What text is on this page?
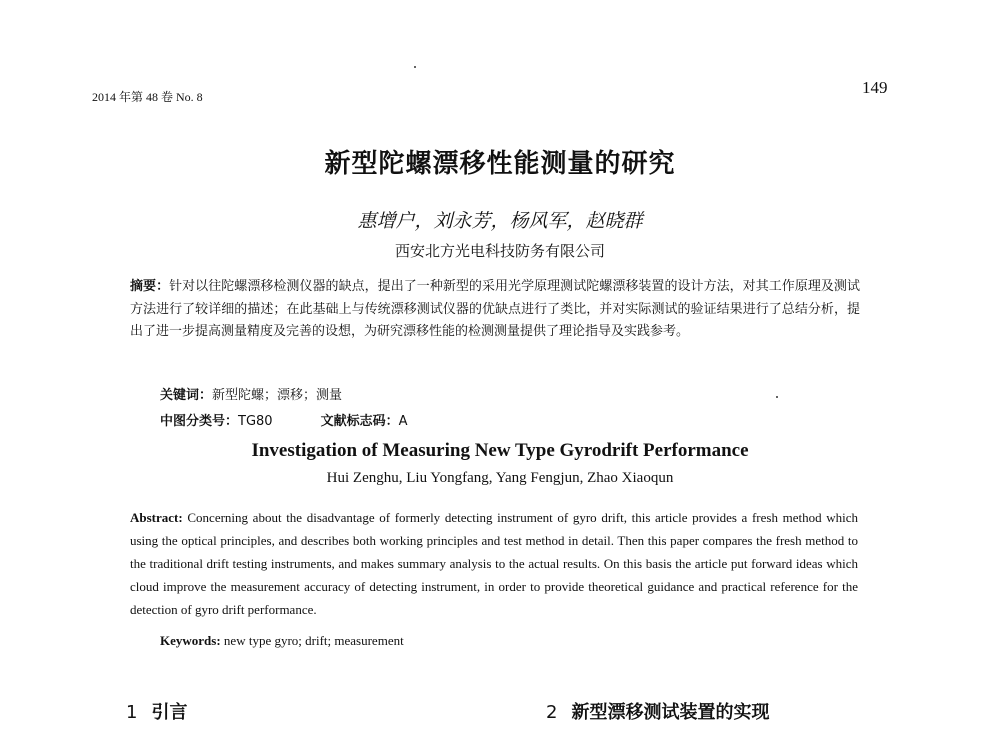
2014 年第 48 卷 No. 8	149
新型陀螺漂移性能测量的研究
惠增户，刘永芳，杨风军，赵晓群
西安北方光电科技防务有限公司
摘要：针对以往陀螺漂移检测仪器的缺点，提出了一种新型的采用光学原理测试陀螺漂移装置的设计方法，对其工作原理及测试方法进行了较详细的描述；在此基础上与传统漂移测试仪器的优缺点进行了类比，并对实际测试的验证结果进行了总结分析，提出了进一步提高测量精度及完善的设想，为研究漂移性能的检测测量提供了理论指导及实践参考。
关键词：新型陀螺；漂移；测量
中图分类号：TG80	文献标志码：A
Investigation of Measuring New Type Gyrodrift Performance
Hui Zenghu, Liu Yongfang, Yang Fengjun, Zhao Xiaoqun
Abstract: Concerning about the disadvantage of formerly detecting instrument of gyro drift, this article provides a fresh method which using the optical principles, and describes both working principles and test method in detail. Then this paper compares the fresh method to the traditional drift testing instruments, and makes summary analysis to the actual results. On this basis the article put forward ideas which cloud improve the measurement accuracy of detecting instrument, in order to provide theoretical guidance and practical reference for the detection of gyro drift performance.
Keywords: new type gyro; drift; measurement
1 引言	2 新型漂移测试装置的实现
